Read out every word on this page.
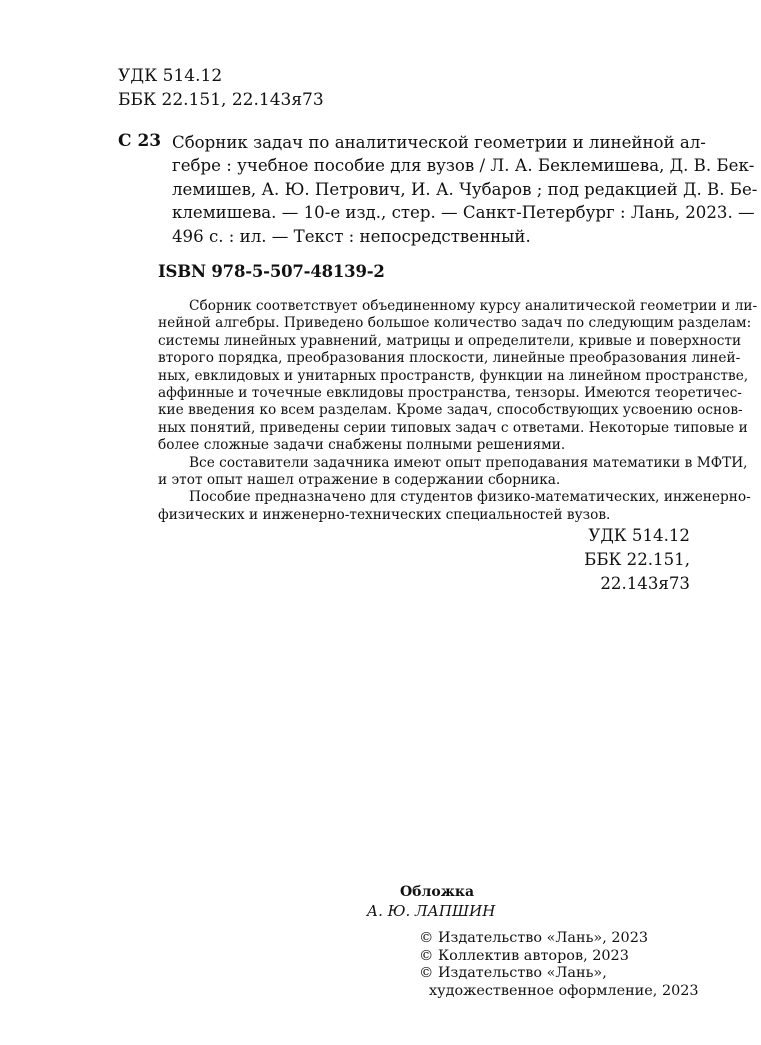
УДК 514.12
ББК 22.151, 22.143я73
С 23 Сборник задач по аналитической геометрии и линейной ал-
гебре : учебное пособие для вузов / Л. А. Беклемишева, Д. В. Бек-
лемишев, А. Ю. Петрович, И. А. Чубаров ; под редакцией Д. В. Бе-
клемишева. — 10-е изд., стер. — Санкт-Петербург : Лань, 2023. —
496 с. : ил. — Текст : непосредственный.
ISBN 978-5-507-48139-2
Сборник соответствует объединенному курсу аналитической геометрии и ли-
нейной алгебры. Приведено большое количество задач по следующим разделам:
системы линейных уравнений, матрицы и определители, кривые и поверхности
второго порядка, преобразования плоскости, линейные преобразования линей-
ных, евклидовых и унитарных пространств, функции на линейном пространстве,
аффинные и точечные евклидовы пространства, тензоры. Имеются теоретичес-
кие введения ко всем разделам. Кроме задач, способствующих усвоению основ-
ных понятий, приведены серии типовых задач с ответами. Некоторые типовые и
более сложные задачи снабжены полными решениями.
Все составители задачника имеют опыт преподавания математики в МФТИ,
и этот опыт нашел отражение в содержании сборника.
Пособие предназначено для студентов физико-математических, инженерно-
физических и инженерно-технических специальностей вузов.
УДК 514.12
ББК 22.151, 22.143я73
Обложка
А. Ю. ЛАПШИН
© Издательство «Лань», 2023
© Коллектив авторов, 2023
© Издательство «Лань»,
художественное оформление, 2023
